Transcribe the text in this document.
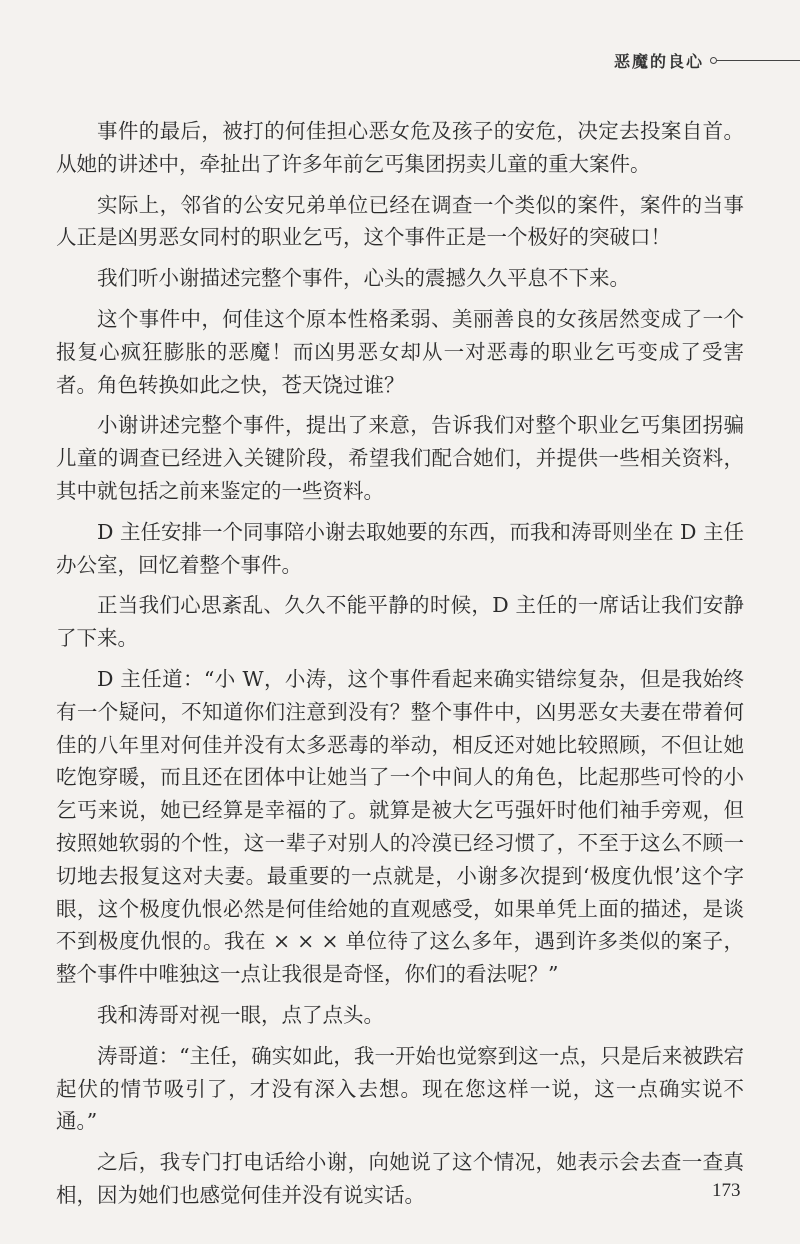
恶魔的良心

事件的最后，被打的何佳担心恶女危及孩子的安危，决定去投案自首。从她的讲述中，牵扯出了许多年前乞丐集团拐卖儿童的重大案件。

实际上，邻省的公安兄弟单位已经在调查一个类似的案件，案件的当事人正是凶男恶女同村的职业乞丐，这个事件正是一个极好的突破口！

我们听小谢描述完整个事件，心头的震撼久久平息不下来。

这个事件中，何佳这个原本性格柔弱、美丽善良的女孩居然变成了一个报复心疯狂膨胀的恶魔！而凶男恶女却从一对恶毒的职业乞丐变成了受害者。角色转换如此之快，苍天饶过谁？

小谢讲述完整个事件，提出了来意，告诉我们对整个职业乞丐集团拐骗儿童的调查已经进入关键阶段，希望我们配合她们，并提供一些相关资料，其中就包括之前来鉴定的一些资料。

D 主任安排一个同事陪小谢去取她要的东西，而我和涛哥则坐在 D 主任办公室，回忆着整个事件。

正当我们心思紊乱、久久不能平静的时候，D 主任的一席话让我们安静了下来。

D 主任道：“小 W，小涛，这个事件看起来确实错综复杂，但是我始终有一个疑问，不知道你们注意到没有？整个事件中，凶男恶女夫妻在带着何佳的八年里对何佳并没有太多恶毒的举动，相反还对她比较照顾，不但让她吃饱穿暖，而且还在团体中让她当了一个中间人的角色，比起那些可怜的小乞丐来说，她已经算是幸福的了。就算是被大乞丐强奸时他们袖手旁观，但按照她软弱的个性，这一辈子对别人的冷漠已经习惯了，不至于这么不顾一切地去报复这对夫妻。最重要的一点就是，小谢多次提到‘极度仇恨’这个字眼，这个极度仇恨必然是何佳给她的直观感受，如果单凭上面的描述，是谈不到极度仇恨的。我在 × × × 单位待了这么多年，遇到许多类似的案子，整个事件中唯独这一点让我很是奇怪，你们的看法呢？”

我和涛哥对视一眼，点了点头。

涛哥道：“主任，确实如此，我一开始也觉察到这一点，只是后来被跌宕起伏的情节吸引了，才没有深入去想。现在您这样一说，这一点确实说不通。”

之后，我专门打电话给小谢，向她说了这个情况，她表示会去查一查真相，因为她们也感觉何佳并没有说实话。	173
